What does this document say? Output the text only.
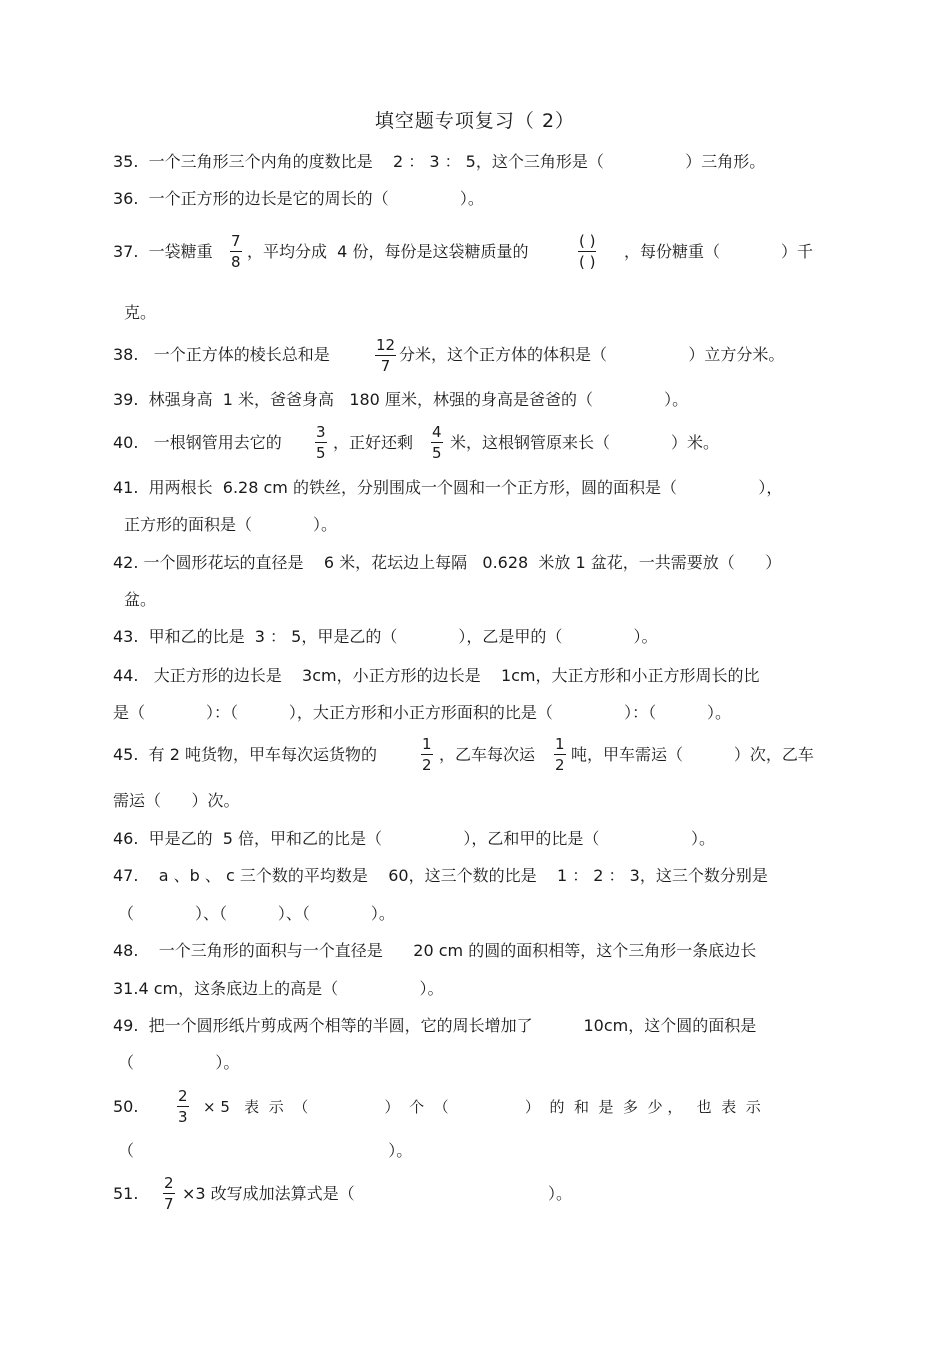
填空题专项复习（ 2）
35.  一个三角形三个内角的度数比是    2 ： 3 ： 5，这个三角形是（                ）三角形。
36.  一个正方形的边长是它的周长的（              ）。
37.  一袋糖重
7
8
，平均分成  4 份，每份是这袋糖质量的
( )
( )
，每份糖重（            ）千
克。
38.   一个正方体的棱长总和是	12
7
分米，这个正方体的体积是（                ）立方分米。
39.  林强身高  1 米，爸爸身高   180 厘米，林强的身高是爸爸的（              ）。
40.   一根钢管用去它的
3
5
，正好还剩
4
5
米，这根钢管原来长（            ）米。
41.  用两根长  6.28 cm 的铁丝，分别围成一个圆和一个正方形，圆的面积是（                ），
正方形的面积是（            ）。
42. 一个圆形花坛的直径是    6 米，花坛边上每隔   0.628  米放 1 盆花，一共需要放（      ）
盆。
43.  甲和乙的比是  3 ： 5，甲是乙的（            ），乙是甲的（              ）。
44.   大正方形的边长是    3cm，小正方形的边长是    1cm，大正方形和小正方形周长的比
是（            ）：（          ），大正方形和小正方形面积的比是（              ）：（          ）。
45.  有 2 吨货物，甲车每次运货物的
1
2
，乙车每次运
1
2
吨，甲车需运（          ）次，乙车
需运（      ）次。
46.  甲是乙的  5 倍，甲和乙的比是（                ），乙和甲的比是（                  ）。
47.    a 、b 、 c 三个数的平均数是    60，这三个数的比是    1 ： 2 ： 3，这三个数分别是
（            ）、（          ）、（            ）。
48.    一个三角形的面积与一个直径是      20 cm 的圆的面积相等，这个三角形一条底边长
31.4 cm，这条底边上的高是（                ）。
49.  把一个圆形纸片剪成两个相等的半圆，它的周长增加了          10cm，这个圆的面积是
（                ）。
50.
2
3
× 5   表  示  （                ）  个  （                ）  的  和  是  多  少 ，   也  表  示
（                                                  ）。
51.
2
7
×3 改写成加法算式是（                                      ）。
